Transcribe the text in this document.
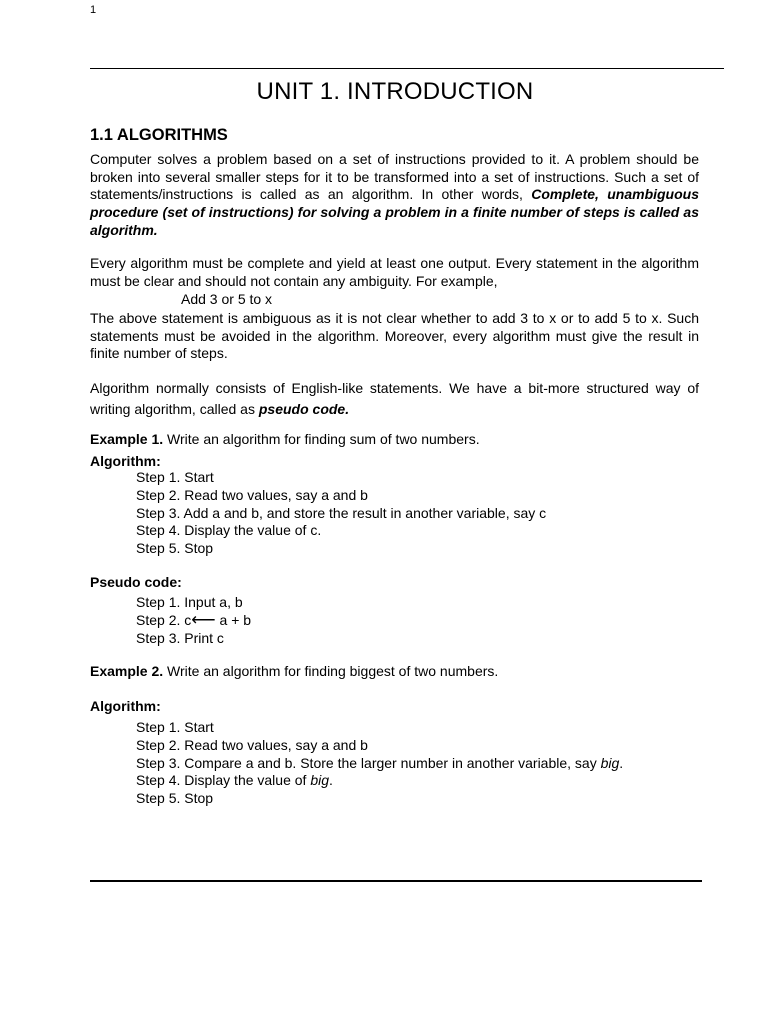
1
UNIT 1. INTRODUCTION
1.1 ALGORITHMS

Computer solves a problem based on a set of instructions provided to it. A problem should be broken into several smaller steps for it to be transformed into a set of instructions. Such a set of statements/instructions is called as an algorithm. In other words, Complete, unambiguous procedure (set of instructions) for solving a problem in a finite number of steps is called as algorithm.

Every algorithm must be complete and yield at least one output. Every statement in the algorithm must be clear and should not contain any ambiguity. For example,

Add 3 or 5 to x

The above statement is ambiguous as it is not clear whether to add 3 to x or to add 5 to x. Such statements must be avoided in the algorithm. Moreover, every algorithm must give the result in finite number of steps.

Algorithm normally consists of English-like statements. We have a bit-more structured way of writing algorithm, called as pseudo code.

Example 1. Write an algorithm for finding sum of two numbers.
Algorithm:
Step 1. Start
Step 2. Read two values, say a and b
Step 3. Add a and b, and store the result in another variable, say c
Step 4. Display the value of c.
Step 5. Stop
Pseudo code:
Step 1. Input a, b
Step 2. c⟵ a + b
Step 3. Print c
Example 2. Write an algorithm for finding biggest of two numbers.
Algorithm:
Step 1. Start
Step 2. Read two values, say a and b
Step 3. Compare a and b. Store the larger number in another variable, say big.
Step 4. Display the value of big.
Step 5. Stop
